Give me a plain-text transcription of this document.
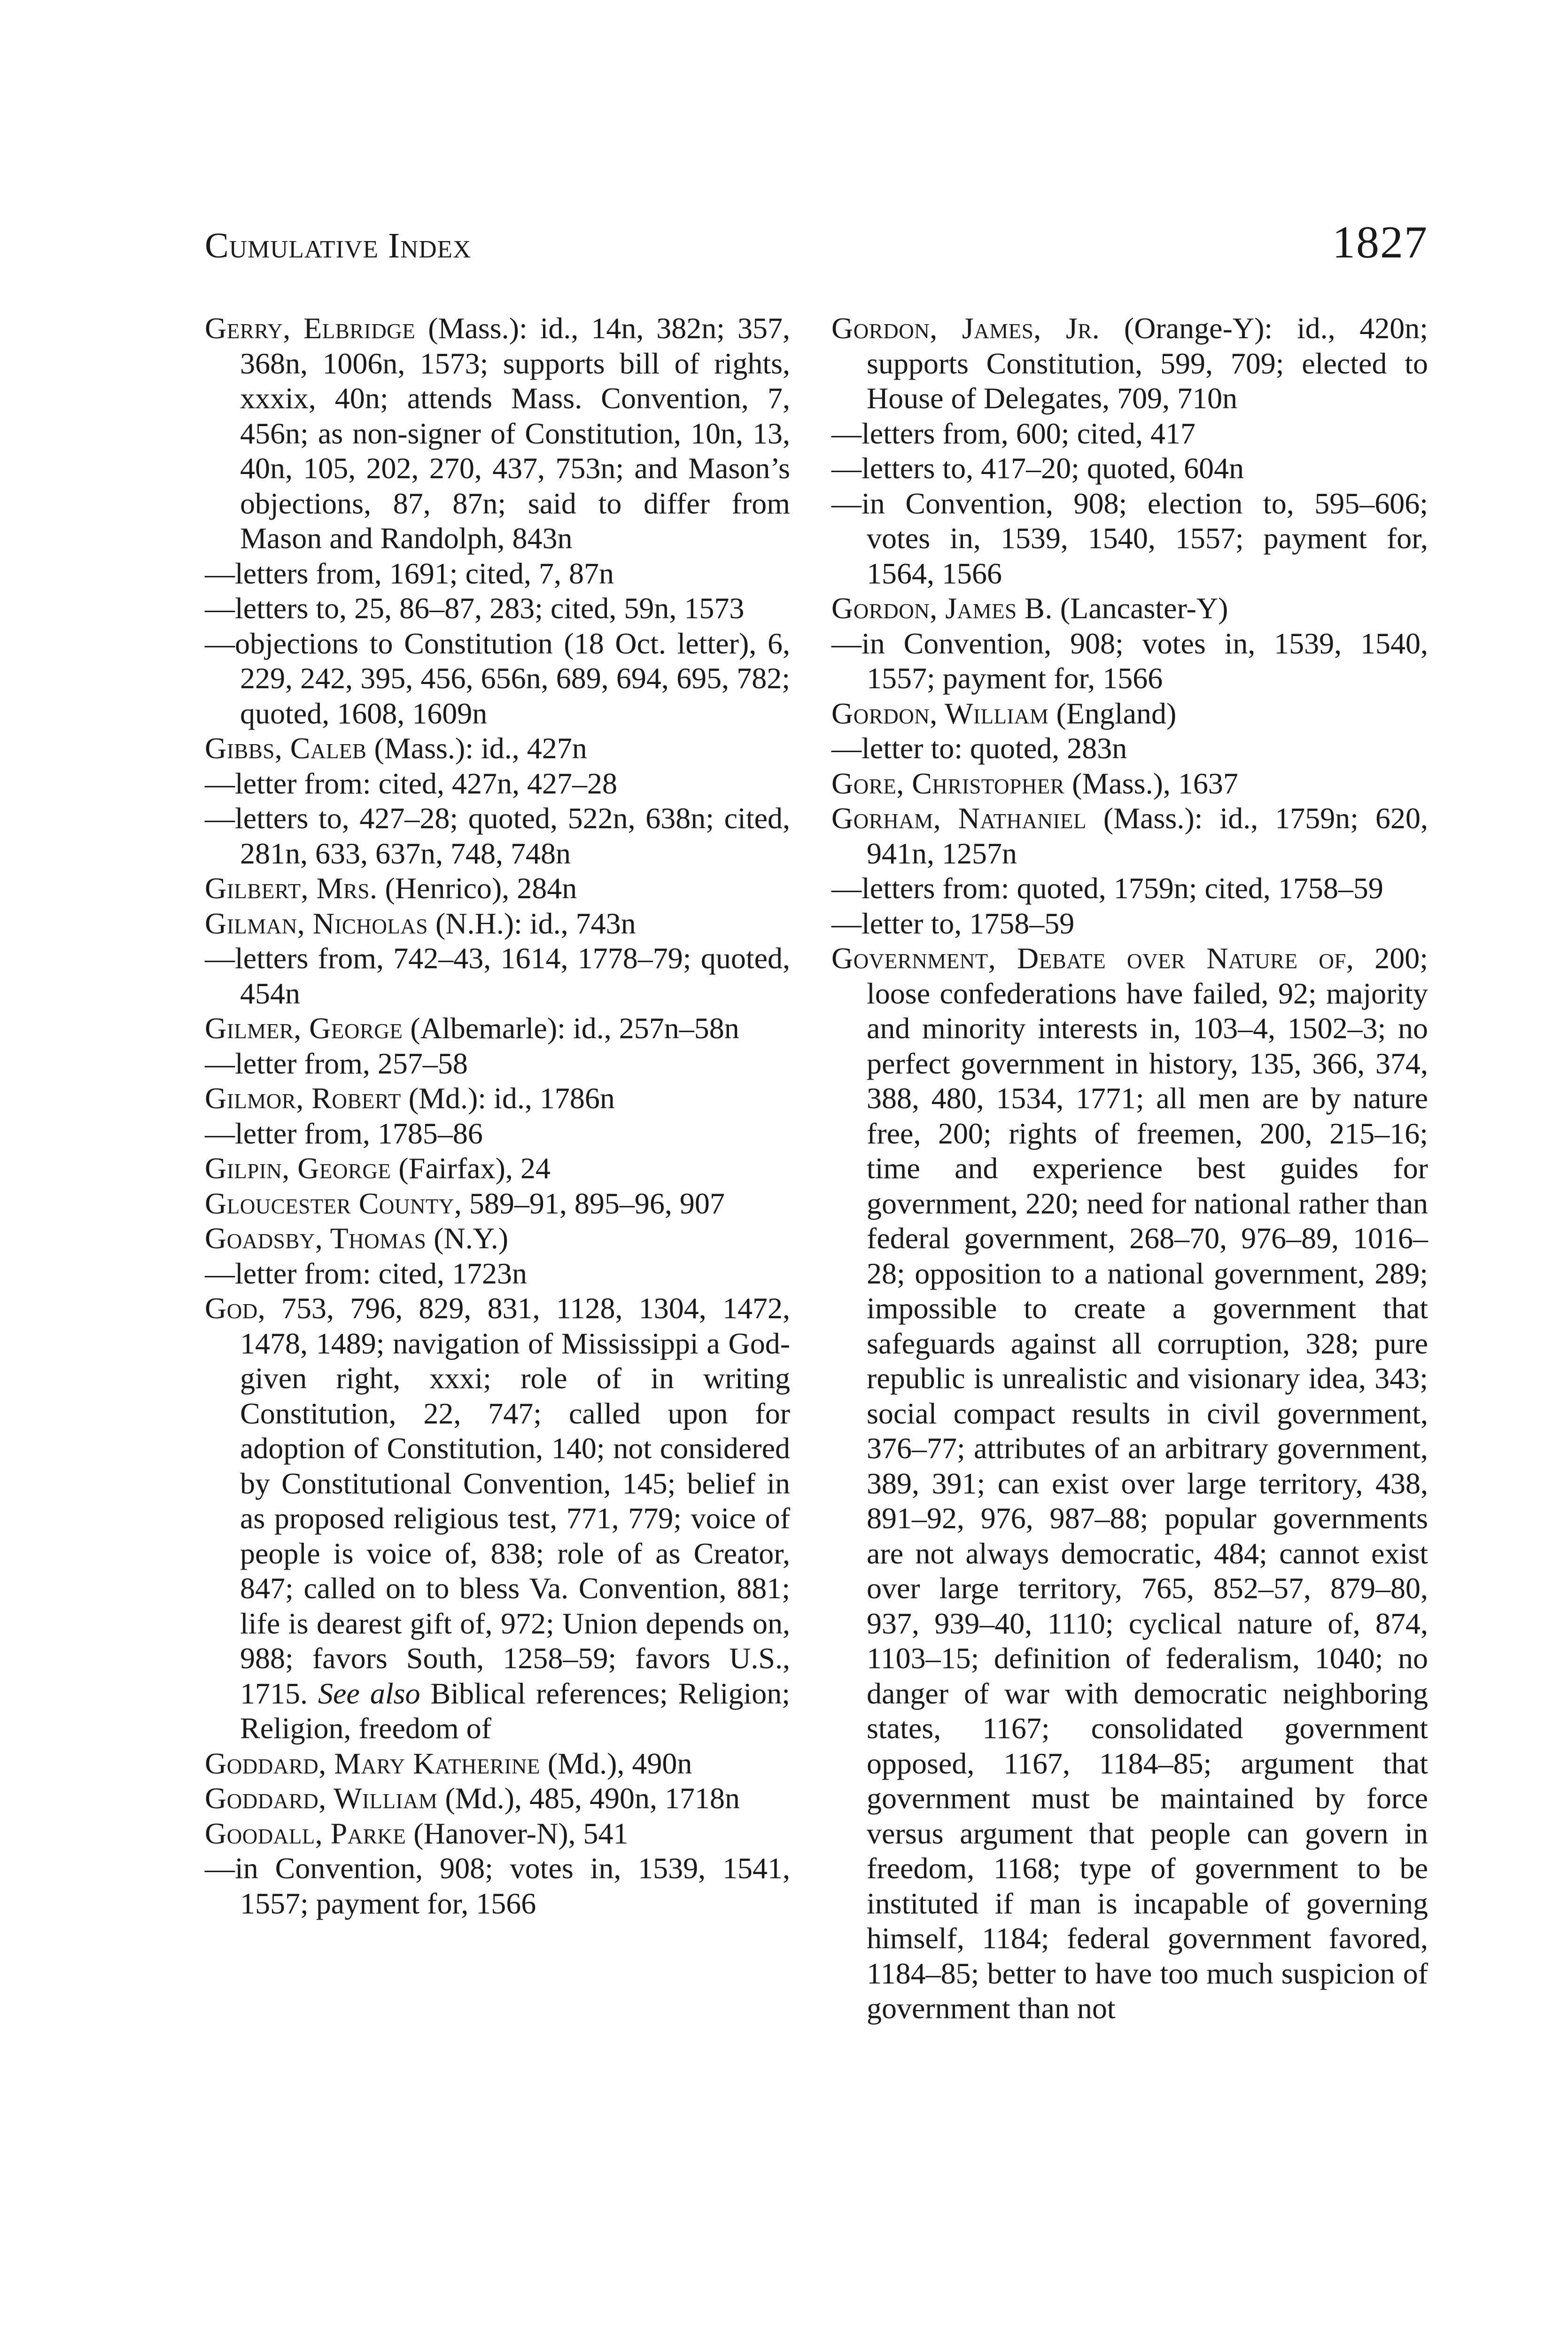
Cumulative Index	1827
Gerry, Elbridge (Mass.): id., 14n, 382n; 357, 368n, 1006n, 1573; supports bill of rights, xxxix, 40n; attends Mass. Convention, 7, 456n; as non-signer of Constitution, 10n, 13, 40n, 105, 202, 270, 437, 753n; and Mason’s objections, 87, 87n; said to differ from Mason and Randolph, 843n
—letters from, 1691; cited, 7, 87n
—letters to, 25, 86–87, 283; cited, 59n, 1573
—objections to Constitution (18 Oct. letter), 6, 229, 242, 395, 456, 656n, 689, 694, 695, 782; quoted, 1608, 1609n
Gibbs, Caleb (Mass.): id., 427n
—letter from: cited, 427n, 427–28
—letters to, 427–28; quoted, 522n, 638n; cited, 281n, 633, 637n, 748, 748n
Gilbert, Mrs. (Henrico), 284n
Gilman, Nicholas (N.H.): id., 743n
—letters from, 742–43, 1614, 1778–79; quoted, 454n
Gilmer, George (Albemarle): id., 257n–58n
—letter from, 257–58
Gilmor, Robert (Md.): id., 1786n
—letter from, 1785–86
Gilpin, George (Fairfax), 24
Gloucester County, 589–91, 895–96, 907
Goadsby, Thomas (N.Y.)
—letter from: cited, 1723n
God, 753, 796, 829, 831, 1128, 1304, 1472, 1478, 1489; navigation of Mississippi a God-given right, xxxi; role of in writing Constitution, 22, 747; called upon for adoption of Constitution, 140; not considered by Constitutional Convention, 145; belief in as proposed religious test, 771, 779; voice of people is voice of, 838; role of as Creator, 847; called on to bless Va. Convention, 881; life is dearest gift of, 972; Union depends on, 988; favors South, 1258–59; favors U.S., 1715. See also Biblical references; Religion; Religion, freedom of
Goddard, Mary Katherine (Md.), 490n
Goddard, William (Md.), 485, 490n, 1718n
Goodall, Parke (Hanover-N), 541
—in Convention, 908; votes in, 1539, 1541, 1557; payment for, 1566
Gordon, James, Jr. (Orange-Y): id., 420n; supports Constitution, 599, 709; elected to House of Delegates, 709, 710n
—letters from, 600; cited, 417
—letters to, 417–20; quoted, 604n
—in Convention, 908; election to, 595–606; votes in, 1539, 1540, 1557; payment for, 1564, 1566
Gordon, James B. (Lancaster-Y)
—in Convention, 908; votes in, 1539, 1540, 1557; payment for, 1566
Gordon, William (England)
—letter to: quoted, 283n
Gore, Christopher (Mass.), 1637
Gorham, Nathaniel (Mass.): id., 1759n; 620, 941n, 1257n
—letters from: quoted, 1759n; cited, 1758–59
—letter to, 1758–59
Government, Debate over Nature of, 200; loose confederations have failed, 92; majority and minority interests in, 103–4, 1502–3; no perfect government in history, 135, 366, 374, 388, 480, 1534, 1771; all men are by nature free, 200; rights of freemen, 200, 215–16; time and experience best guides for government, 220; need for national rather than federal government, 268–70, 976–89, 1016–28; opposition to a national government, 289; impossible to create a government that safeguards against all corruption, 328; pure republic is unrealistic and visionary idea, 343; social compact results in civil government, 376–77; attributes of an arbitrary government, 389, 391; can exist over large territory, 438, 891–92, 976, 987–88; popular governments are not always democratic, 484; cannot exist over large territory, 765, 852–57, 879–80, 937, 939–40, 1110; cyclical nature of, 874, 1103–15; definition of federalism, 1040; no danger of war with democratic neighboring states, 1167; consolidated government opposed, 1167, 1184–85; argument that government must be maintained by force versus argument that people can govern in freedom, 1168; type of government to be instituted if man is incapable of governing himself, 1184; federal government favored, 1184–85; better to have too much suspicion of government than not
